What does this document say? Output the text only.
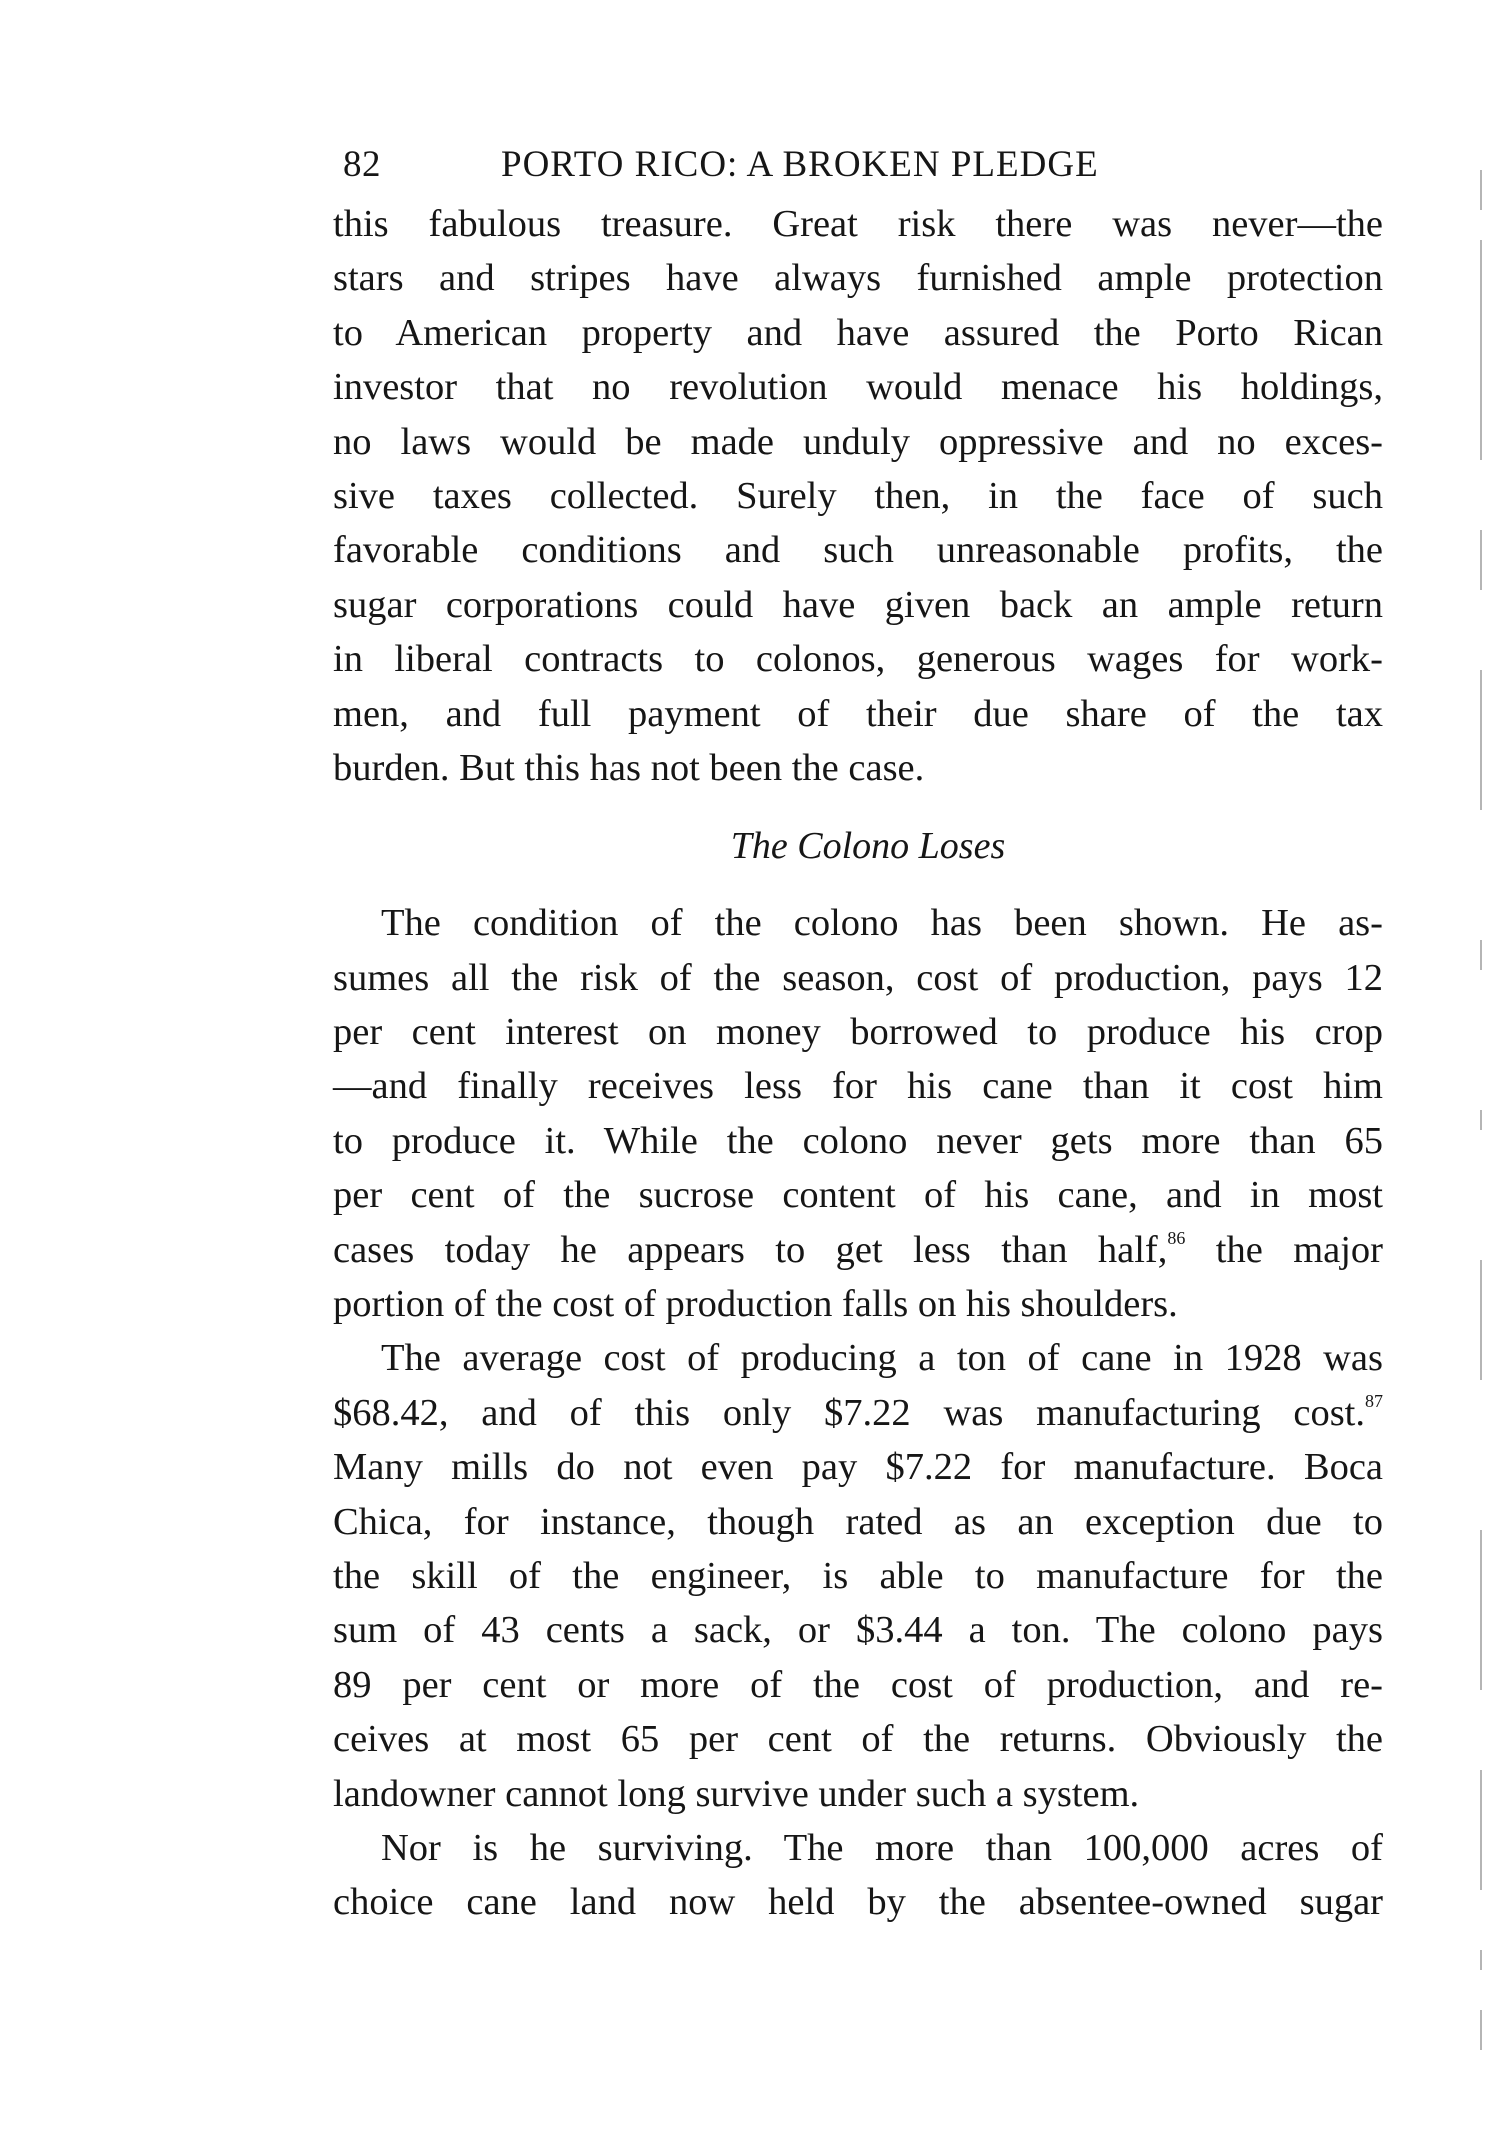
82	PORTO RICO: A BROKEN PLEDGE
this fabulous treasure. Great risk there was never—the
stars and stripes have always furnished ample protection
to American property and have assured the Porto Rican
investor that no revolution would menace his holdings,
no laws would be made unduly oppressive and no exces-
sive taxes collected. Surely then, in the face of such
favorable conditions and such unreasonable profits, the
sugar corporations could have given back an ample return
in liberal contracts to colonos, generous wages for work-
men, and full payment of their due share of the tax
burden. But this has not been the case.
The Colono Loses
The condition of the colono has been shown. He as-
sumes all the risk of the season, cost of production, pays 12
per cent interest on money borrowed to produce his crop
—and finally receives less for his cane than it cost him
to produce it. While the colono never gets more than 65
per cent of the sucrose content of his cane, and in most
cases today he appears to get less than half,$^{86}$ the major
portion of the cost of production falls on his shoulders.
The average cost of producing a ton of cane in 1928 was
$68.42, and of this only $7.22 was manufacturing cost.$^{87}$
Many mills do not even pay $7.22 for manufacture. Boca
Chica, for instance, though rated as an exception due to
the skill of the engineer, is able to manufacture for the
sum of 43 cents a sack, or $3.44 a ton. The colono pays
89 per cent or more of the cost of production, and re-
ceives at most 65 per cent of the returns. Obviously the
landowner cannot long survive under such a system.
Nor is he surviving. The more than 100,000 acres of
choice cane land now held by the absentee-owned sugar
